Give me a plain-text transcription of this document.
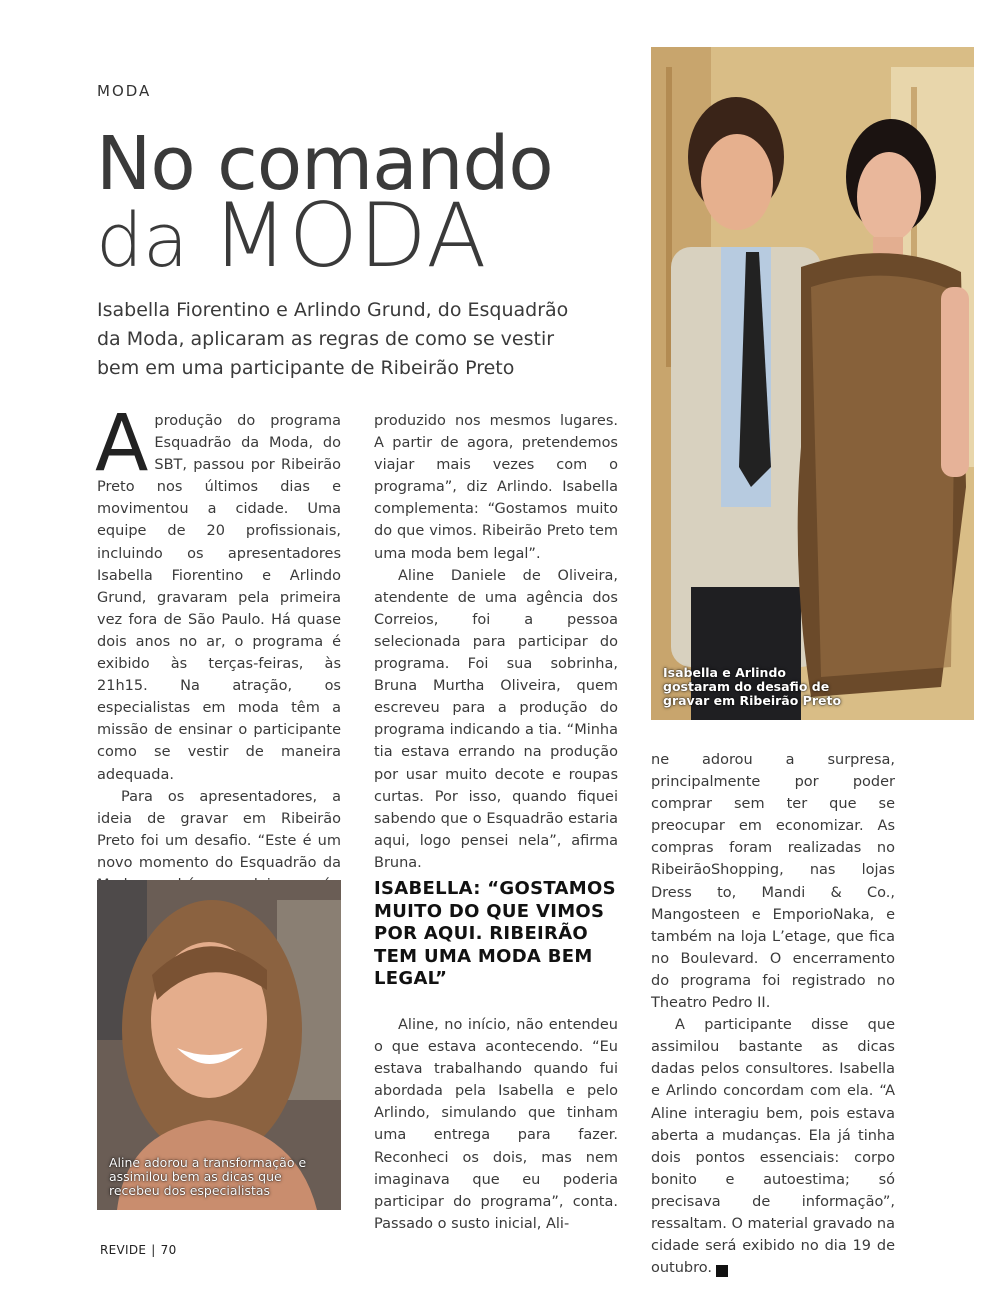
MODA
No comando
da MODA

Isabella Fiorentino e Arlindo Grund, do Esquadrão da Moda, aplicaram as regras de como se vestir bem em uma participante de Ribeirão Preto

A produção do programa Esquadrão da Moda, do SBT, passou por Ribeirão Preto nos últimos dias e movimentou a cidade. Uma equipe de 20 profissionais, incluindo os apresentadores Isabella Fiorentino e Arlindo Grund, gravaram pela primeira vez fora de São Paulo. Há quase dois anos no ar, o programa é exibido às terças-feiras, às 21h15. Na atração, os especialistas em moda têm a missão de ensinar o participante como se vestir de maneira adequada.

Para os apresentadores, a ideia de gravar em Ribeirão Preto foi um desafio. “Este é um novo momento do Esquadrão da

produzido nos mesmos lugares. A partir de agora, pretendemos viajar mais vezes com o programa”, diz Arlindo. Isabella complementa: “Gostamos muito do que vimos. Ribeirão Preto tem uma moda bem legal”.

Aline Daniele de Oliveira, atendente de uma agência dos Correios, foi a pessoa selecionada para participar do programa. Foi sua sobrinha, Bruna Murtha Oliveira, quem escreveu para a produção do programa indicando a tia. “Minha tia estava errando na produção por usar muito decote e roupas curtas. Por isso, quando fiquei sabendo que o Esquadrão estaria aqui, logo pensei nela”, afirma Bruna.

ISABELLA: “GOSTAMOS MUITO DO QUE VIMOS POR AQUI. RIBEIRÃO TEM UMA MODA BEM LEGAL”

Aline, no início, não entendeu o que estava acontecendo. “Eu estava trabalhando quando fui abordada pela Isabella e pelo Arlindo, simulando que tinham uma entrega para fazer. Reconheci os dois, mas nem imaginava que eu poderia participar do programa”, conta. Passado o susto inicial, Ali-

ne adorou a surpresa, principalmente por poder comprar sem ter que se preocupar em economizar. As compras foram realizadas no RibeirãoShopping, nas lojas Dress to, Mandi & Co., Mangosteen e EmporioNaka, e também na loja L’etage, que fica no Boulevard. O encerramento do programa foi registrado no Theatro Pedro II.

A participante disse que assimilou bastante as dicas dadas pelos consultores. Isabella e Arlindo concordam com ela. “A Aline interagiu bem, pois estava aberta a mudanças. Ela já tinha dois pontos essenciais: corpo bonito e autoestima; só precisava de informação”, ressaltam. O material gravado na cidade será exibido no dia 19 de outubro.	r

Isabella e Arlindo gostaram do desafio de gravar em Ribeirão Preto
Aline adorou a transformação e assimilou bem as dicas que recebeu dos especialistas
REVIDE | 70
